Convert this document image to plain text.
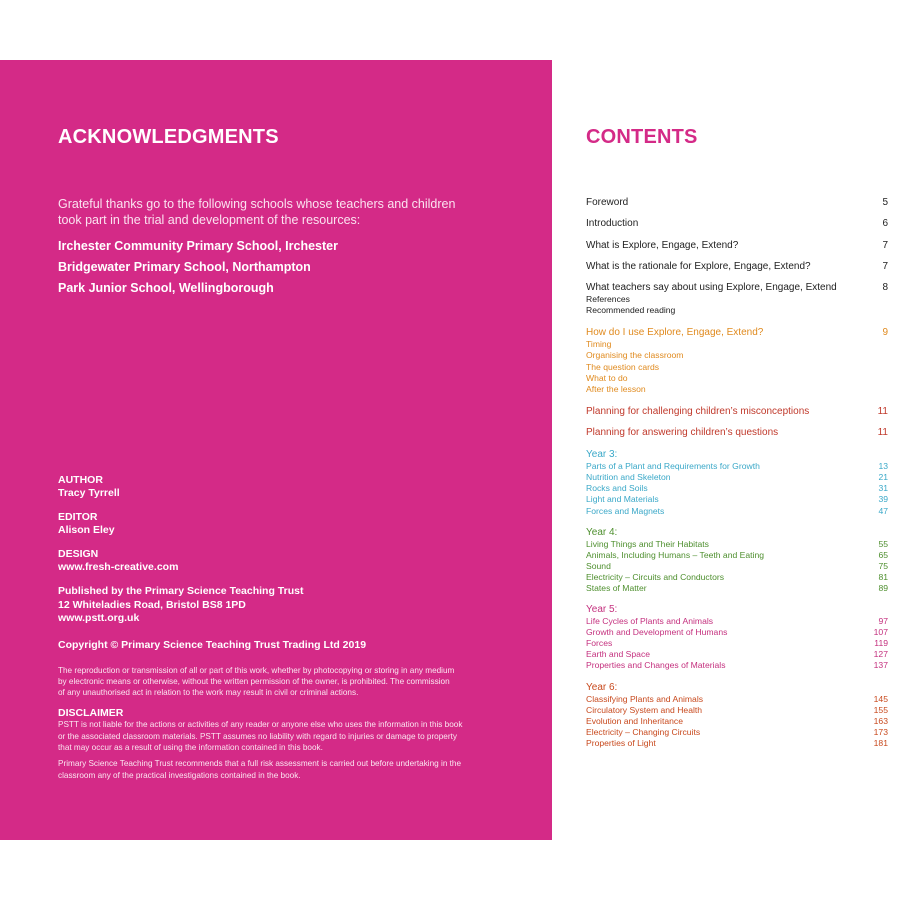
ACKNOWLEDGMENTS
Grateful thanks go to the following schools whose teachers and children took part in the trial and development of the resources:
Irchester Community Primary School, Irchester
Bridgewater Primary School, Northampton
Park Junior School, Wellingborough
AUTHOR
Tracy Tyrrell
EDITOR
Alison Eley
DESIGN
www.fresh-creative.com
Published by the Primary Science Teaching Trust
12 Whiteladies Road, Bristol BS8 1PD
www.pstt.org.uk
Copyright © Primary Science Teaching Trust Trading Ltd 2019
The reproduction or transmission of all or part of this work, whether by photocopying or storing in any medium
by electronic means or otherwise, without the written permission of the owner, is prohibited. The commission
of any unauthorised act in relation to the work may result in civil or criminal actions.
DISCLAIMER
PSTT is not liable for the actions or activities of any reader or anyone else who uses the information in this book
or the associated classroom materials. PSTT assumes no liability with regard to injuries or damage to property
that may occur as a result of using the information contained in this book.
Primary Science Teaching Trust recommends that a full risk assessment is carried out before undertaking in the
classroom any of the practical investigations contained in the book.
CONTENTS
Foreword	5
Introduction	6
What is Explore, Engage, Extend?	7
What is the rationale for Explore, Engage, Extend?	7
What teachers say about using Explore, Engage, Extend	8
References
Recommended reading
How do I use Explore, Engage, Extend?	9
Timing
Organising the classroom
The question cards
What to do
After the lesson
Planning for challenging children’s misconceptions	11
Planning for answering children’s questions	11
Year 3:
Parts of a Plant and Requirements for Growth	13
Nutrition and Skeleton	21
Rocks and Soils	31
Light and Materials	39
Forces and Magnets	47
Year 4:
Living Things and Their Habitats	55
Animals, Including Humans – Teeth and Eating	65
Sound	75
Electricity – Circuits and Conductors	81
States of Matter	89
Year 5:
Life Cycles of Plants and Animals	97
Growth and Development of Humans	107
Forces	119
Earth and Space	127
Properties and Changes of Materials	137
Year 6:
Classifying Plants and Animals	145
Circulatory System and Health	155
Evolution and Inheritance	163
Electricity – Changing Circuits	173
Properties of Light	181
